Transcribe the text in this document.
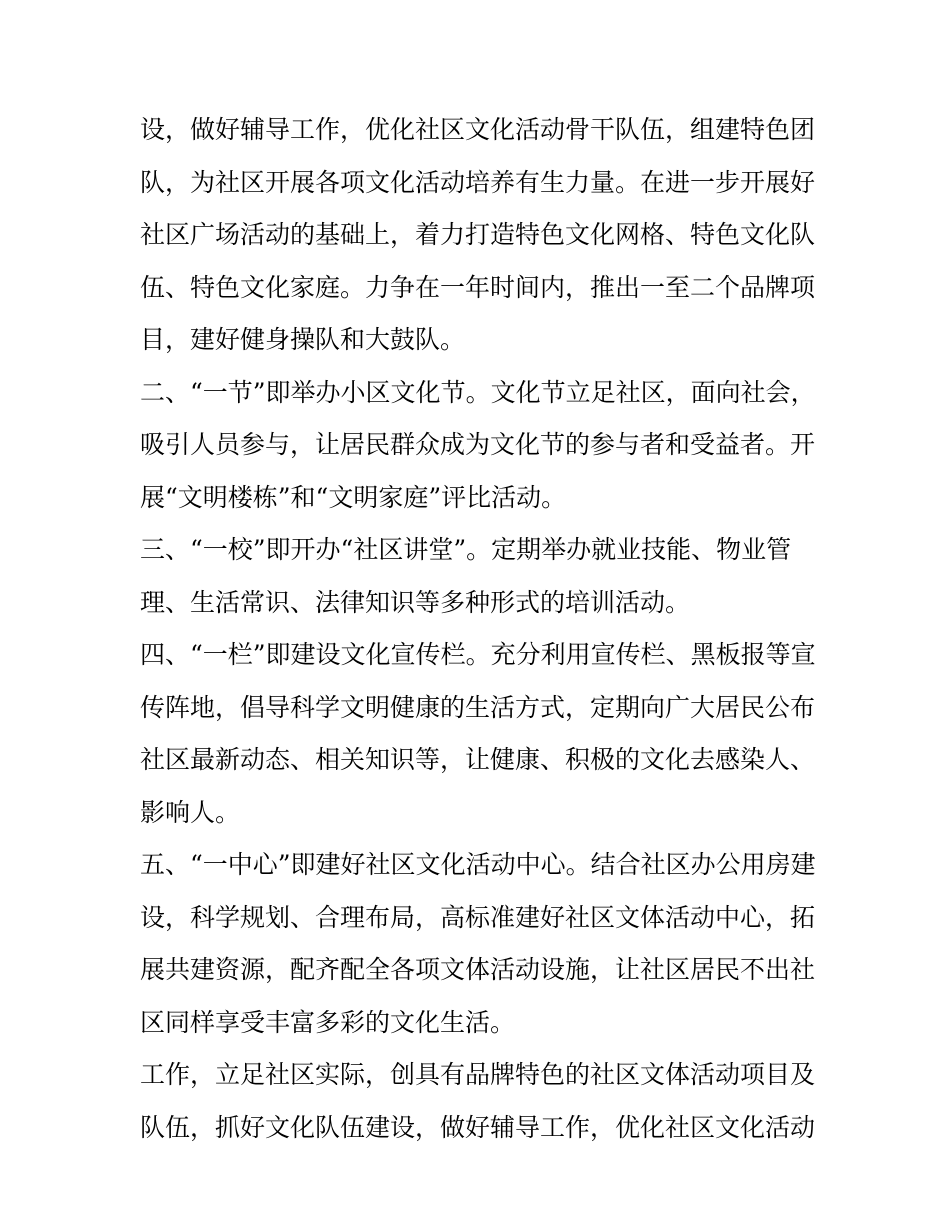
设，做好辅导工作，优化社区文化活动骨干队伍，组建特色团
队，为社区开展各项文化活动培养有生力量。在进一步开展好
社区广场活动的基础上，着力打造特色文化网格、特色文化队
伍、特色文化家庭。力争在一年时间内，推出一至二个品牌项
目，建好健身操队和大鼓队。
二、“一节”即举办小区文化节。文化节立足社区，面向社会，
吸引人员参与，让居民群众成为文化节的参与者和受益者。开
展“文明楼栋”和“文明家庭”评比活动。
三、“一校”即开办“社区讲堂”。定期举办就业技能、物业管
理、生活常识、法律知识等多种形式的培训活动。
四、“一栏”即建设文化宣传栏。充分利用宣传栏、黑板报等宣
传阵地，倡导科学文明健康的生活方式，定期向广大居民公布
社区最新动态、相关知识等，让健康、积极的文化去感染人、
影响人。
五、“一中心”即建好社区文化活动中心。结合社区办公用房建
设，科学规划、合理布局，高标准建好社区文体活动中心，拓
展共建资源，配齐配全各项文体活动设施，让社区居民不出社
区同样享受丰富多彩的文化生活。
工作，立足社区实际，创具有品牌特色的社区文体活动项目及
队伍，抓好文化队伍建设，做好辅导工作，优化社区文化活动
